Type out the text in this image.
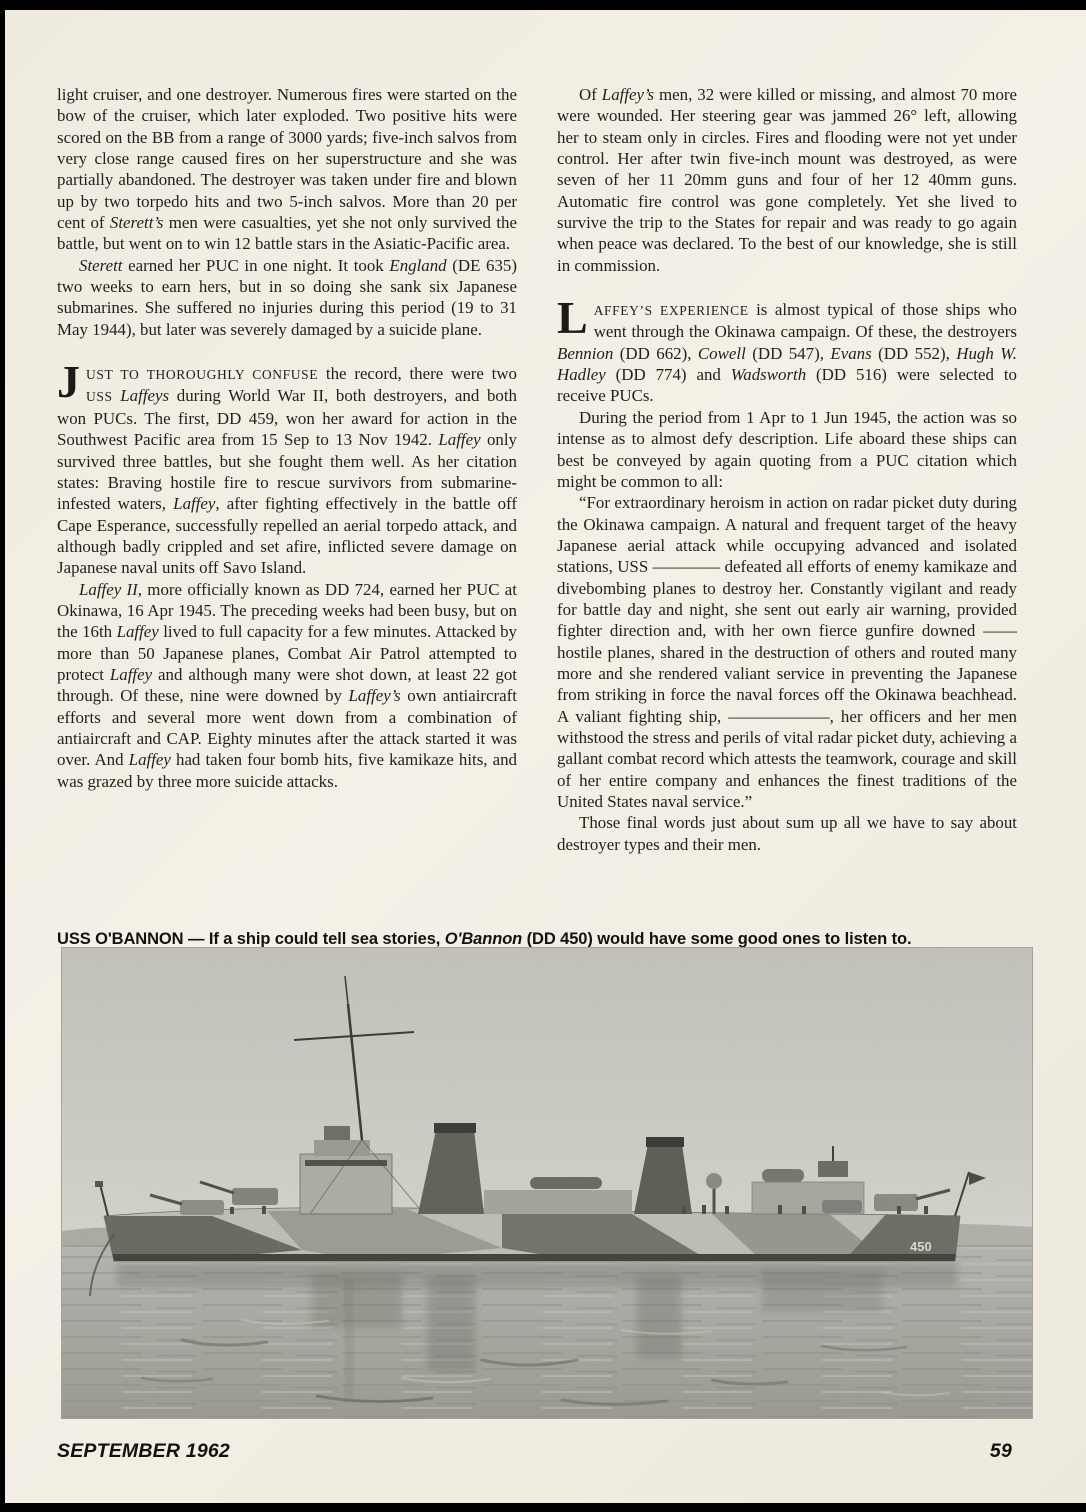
light cruiser, and one destroyer. Numerous fires were started on the bow of the cruiser, which later exploded. Two positive hits were scored on the BB from a range of 3000 yards; five-inch salvos from very close range caused fires on her superstructure and she was partially abandoned. The destroyer was taken under fire and blown up by two torpedo hits and two 5-inch salvos. More than 20 per cent of Sterett’s men were casualties, yet she not only survived the battle, but went on to win 12 battle stars in the Asiatic-Pacific area.

Sterett earned her PUC in one night. It took England (DE 635) two weeks to earn hers, but in so doing she sank six Japanese submarines. She suffered no injuries during this period (19 to 31 May 1944), but later was severely damaged by a suicide plane.

JUST TO THOROUGHLY CONFUSE the record, there were two USS Laffeys during World War II, both destroyers, and both won PUCs. The first, DD 459, won her award for action in the Southwest Pacific area from 15 Sep to 13 Nov 1942. Laffey only survived three battles, but she fought them well. As her citation states: Braving hostile fire to rescue survivors from submarine-infested waters, Laffey, after fighting effectively in the battle off Cape Esperance, successfully repelled an aerial torpedo attack, and although badly crippled and set afire, inflicted severe damage on Japanese naval units off Savo Island.

Laffey II, more officially known as DD 724, earned her PUC at Okinawa, 16 Apr 1945. The preceding weeks had been busy, but on the 16th Laffey lived to full capacity for a few minutes. Attacked by more than 50 Japanese planes, Combat Air Patrol attempted to protect Laffey and although many were shot down, at least 22 got through. Of these, nine were downed by Laffey’s own antiaircraft efforts and several more went down from a combination of antiaircraft and CAP. Eighty minutes after the attack started it was over. And Laffey had taken four bomb hits, five kamikaze hits, and was grazed by three more suicide attacks.

Of Laffey’s men, 32 were killed or missing, and almost 70 more were wounded. Her steering gear was jammed 26° left, allowing her to steam only in circles. Fires and flooding were not yet under control. Her after twin five-inch mount was destroyed, as were seven of her 11 20mm guns and four of her 12 40mm guns. Automatic fire control was gone completely. Yet she lived to survive the trip to the States for repair and was ready to go again when peace was declared. To the best of our knowledge, she is still in commission.

LAFFEY’S EXPERIENCE is almost typical of those ships who went through the Okinawa campaign. Of these, the destroyers Bennion (DD 662), Cowell (DD 547), Evans (DD 552), Hugh W. Hadley (DD 774) and Wadsworth (DD 516) were selected to receive PUCs.

During the period from 1 Apr to 1 Jun 1945, the action was so intense as to almost defy description. Life aboard these ships can best be conveyed by again quoting from a PUC citation which might be common to all:

“For extraordinary heroism in action on radar picket duty during the Okinawa campaign. A natural and frequent target of the heavy Japanese aerial attack while occupying advanced and isolated stations, USS ———— defeated all efforts of enemy kamikaze and divebombing planes to destroy her. Constantly vigilant and ready for battle day and night, she sent out early air warning, provided fighter direction and, with her own fierce gunfire downed —— hostile planes, shared in the destruction of others and routed many more and she rendered valiant service in preventing the Japanese from striking in force the naval forces off the Okinawa beachhead. A valiant fighting ship, ——————, her officers and her men withstood the stress and perils of vital radar picket duty, achieving a gallant combat record which attests the teamwork, courage and skill of her entire company and enhances the finest traditions of the United States naval service.”

Those final words just about sum up all we have to say about destroyer types and their men.

USS O'BANNON — If a ship could tell sea stories, O'Bannon (DD 450) would have some good ones to listen to.
SEPTEMBER 1962	59
